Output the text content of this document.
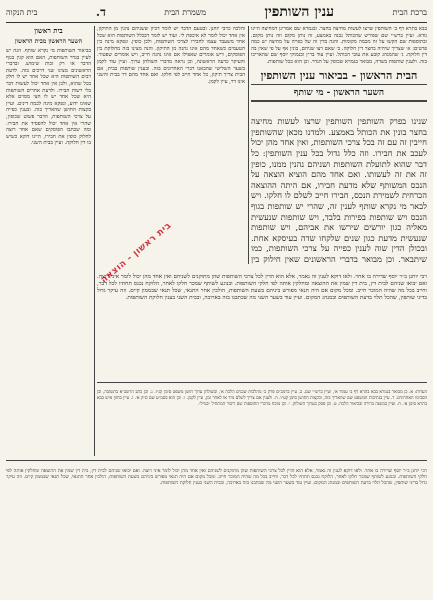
ברכת הבית
ענין השותפין
משמרת הבית
ד.
בית הנקוה

בבא בתרא דף ב׳ השותפין שרצו לעשות מחיצה בחצר. ובגמרא שם אמרינן דמחיצה היינו גודא. ועיין ברש״י שם שפירש שהכותל נבנה באמצע, זה נותן מקום וזה נותן מקום. ובתוספות שם הקשו על זה מכמה מקומות. והנה בדין זה של כפייה על מחיצה יש כמה פרטים: א׳ שצריך שיהיה בחצר דין חלוקה. ב׳ שאם רצו שניהם, בונין אף על פי שאין בה דין חלוקה. ג׳ שהמנהג קובע את עובי הכותל. ועיין עוד בר״ן ובנמוקי יוסף שם שהאריכו בזה. ולענין שותפות בשדה, מבואר בגמרא שכופין על הגדר. וכן הוא בכל שותפות.

הבית הראשון - בביאור ענין השותפין
השער הראשון - מי שותף

שנינו בפרק השותפין השותפין שרצו לעשות מחיצה בחצר בונין את הכותל באמצע. ולמדנו מכאן שהשותפין חייבין זה עם זה בכל צרכי השותפות, ואין אחד מהן יכול לעכב את חבירו. וזה כלל גדול בכל ענין השותפין: כל דבר שהוא לתועלת השותפות ושניהם נהנין ממנו, כופין זה את זה לעשותו. ואם אחד מהם הוציא הוצאה על הנכס המשותף שלא מדעת חבירו, אם היתה ההוצאה הכרחית לשמירת הנכס, חבירו חייב לשלם לו חלקו. ויש לבאר מי נקרא שותף לענין זה, שהרי יש שותפות בגוף הנכס ויש שותפות בפירות בלבד, ויש שותפות שנעשית מאליה כגון יורשים שירשו את אביהם, ויש שותפות שנעשית מדעת כגון שנים שלקחו שדה בעיסקא אחת. ובכולן הדין שוה לענין כפייה על צרכי השותפות, כמו שיתבאר. וכן מבואר בדברי הראשונים שאין חילוק בין

והלכה כרבי יוחנן. ובטעם הדבר יש לומר דכיון ששניהם נהנין מן התיקון, אין אחד יכול לומר לא איכפת לי. ועוד יש לומר דבכלל השותפות הוא שכל אחד משעבד עצמו לחבירו לצרכי השותפות, ולכן כופין. ונפקא מינה בין הטעמים כשאחד מהם אינו נהנה מן התיקון. והנה מצינו בזה מחלוקת בין הפוסקים, דיש אומרים שאפילו אם אינו נהנה חייב, ויש אומרים שפטור. והעיקר כדעה הראשונה, וכן נראה מדברי השולחן ערוך. ועיין עוד לקמן בשער השלישי שהבאנו דברי האחרונים בזה. ובענין שותפות בבית, אם הבית צריך תיקון, כל אחד חייב לפי חלקו. ואם אחד מהם דר בבית והשני אינו דר, עיין לקמן.

בית ראשון
השער הראשון מבית הראשון

בביאור השותפות מי נקרא שותף. הנה יש לעיין בגדר השותפות, האם הוא קנין בגוף הדבר או רק זכות שימוש. ובדברי הראשונים מצינו שני דרכים בזה. לדעת רבים השותפות היא שכל אחד יש לו חלק בכל שהוא, ולכן אין אחד יכול לעשות דבר בלי רשות חבירו. ולדעת אחרים השותפות היא שכל אחד יש לו חצי מסוים אלא שאינו ידוע, ונפקא מינה לכמה דינים. ועיין בקצות החושן שהאריך בזה. ובענין כפייה על צרכי השותפות, הדבר פשוט שכופין, שהרי אין אחד יכול להפסיד את חבירו. ומה שכתבו הפוסקים שאם אחד רוצה לחלוק כופין את חבירו, היינו דוקא כשיש בו דין חלוקה. ועיין בבית השני.

בית ראשון - הוצאה

רבי יוחנן ב״ר יוסף שדירה בו אחר. ולאו דוקא לענין זה נאמר, אלא הוא הדין לכל צרכי השותפות שהן מתוקנים לשניהם ואין אחד מהן יכול לומר איני רוצה. ואם יבואו שניהם לבית דין, בית דין שמין את ההוצאה ומחלקין אותה לפי חלקי השותפות. ובנוגע לשותף שמכר חלקו לאחר, הלוקח נכנס תחתיו לכל דבר, וחייב בכל מה שהיה המוכר חייב. ומכל מקום אם היה תנאי מפורש ביניהם בשעת השותפות, הולכין אחר התנאי, שכל תנאי שבממון קיים. וזה עיקר גדול בדיני שותפין, שהכל תלוי בדעת השותפים ובמנהג המקום. ועיין עוד בשער השני מה שכתבנו בזה בארוכה, ובבית השני בענין חלוקת השותפות.

הערות: א. כן מבואר בגמרא בבא בתרא דף ב׳ עמוד א׳, ועיין ברש״י שם. ב. עיין ברמב״ם פרק ב׳ מהלכות שכנים הלכה א׳, ובשולחן ערוך חושן משפט סימן קנ״ז. ג. וכן כתב הרשב״א בתשובה, וכן הסכימו האחרונים. ד. עיין בנתיבות המשפט שם שהאריך בזה, ובקצות החושן סימן קע״ו. ה. ולענין אם צריך לשלם מיד או לאחר זמן, עיין לקמן. ו. וכן הוא בסמ״ע שם ס״ק א׳. ז. עיין בחזון איש בבא בתרא סימן א׳. ח. ועיין במשנה ברורה ובביאור הלכה. ט. וכן פסק בערוך השולחן. י. וכן מוכח מדברי התוספות שם דיבור המתחיל ״בגויל״.

רבי יוחנן ב״ר יוסף שדירה בו אחר. ולאו דוקא לענין זה נאמר, אלא הוא הדין לכל צרכי השותפות שהן מתוקנים לשניהם ואין אחד מהן יכול לומר איני רוצה. ואם יבואו שניהם לבית דין, בית דין שמין את ההוצאה ומחלקין אותה לפי חלקי השותפות. ובנוגע לשותף שמכר חלקו לאחר, הלוקח נכנס תחתיו לכל דבר, וחייב בכל מה שהיה המוכר חייב. ומכל מקום אם היה תנאי מפורש ביניהם בשעת השותפות, הולכין אחר התנאי, שכל תנאי שבממון קיים. וזה עיקר גדול בדיני שותפין, שהכל תלוי בדעת השותפים ובמנהג המקום. ועיין עוד בשער השני מה שכתבנו בזה בארוכה, ובבית השני בענין חלוקת השותפות.
